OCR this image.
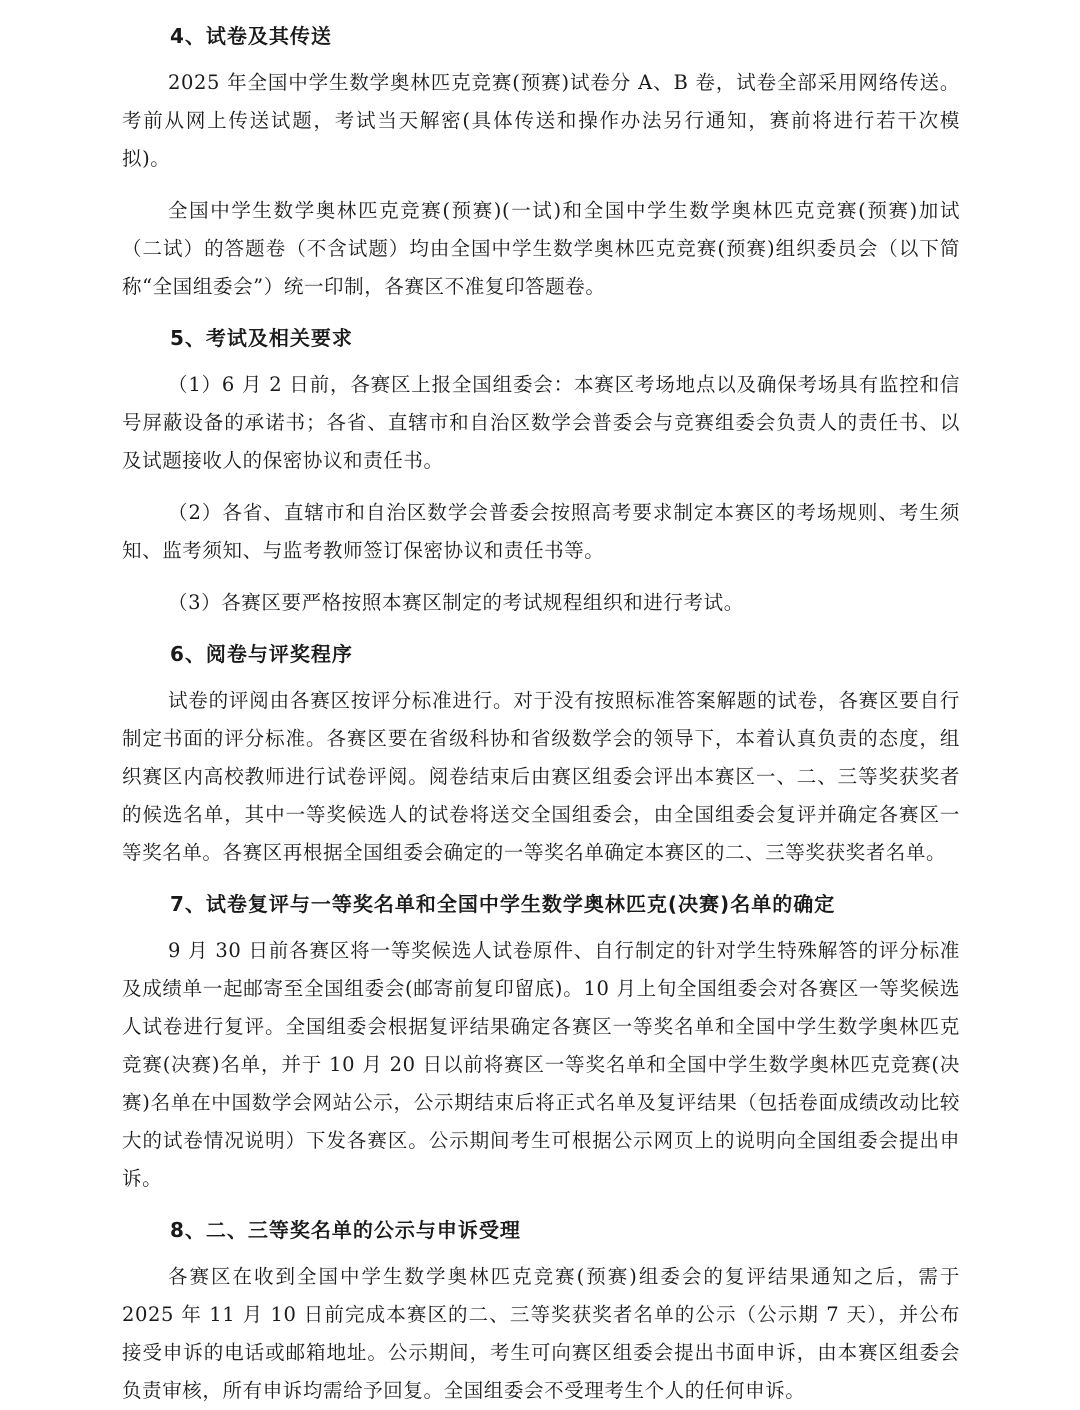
4、试卷及其传送

2025 年全国中学生数学奥林匹克竞赛(预赛)试卷分 A、B 卷，试卷全部采用网络传送。考前从网上传送试题，考试当天解密(具体传送和操作办法另行通知，赛前将进行若干次模拟)。

全国中学生数学奥林匹克竞赛(预赛)(一试)和全国中学生数学奥林匹克竞赛(预赛)加试（二试）的答题卷（不含试题）均由全国中学生数学奥林匹克竞赛(预赛)组织委员会（以下简称“全国组委会”）统一印制，各赛区不准复印答题卷。

5、考试及相关要求

（1）6 月 2 日前，各赛区上报全国组委会：本赛区考场地点以及确保考场具有监控和信号屏蔽设备的承诺书；各省、直辖市和自治区数学会普委会与竞赛组委会负责人的责任书、以及试题接收人的保密协议和责任书。

（2）各省、直辖市和自治区数学会普委会按照高考要求制定本赛区的考场规则、考生须知、监考须知、与监考教师签订保密协议和责任书等。

（3）各赛区要严格按照本赛区制定的考试规程组织和进行考试。

6、阅卷与评奖程序

试卷的评阅由各赛区按评分标准进行。对于没有按照标准答案解题的试卷，各赛区要自行制定书面的评分标准。各赛区要在省级科协和省级数学会的领导下，本着认真负责的态度，组织赛区内高校教师进行试卷评阅。阅卷结束后由赛区组委会评出本赛区一、二、三等奖获奖者的候选名单，其中一等奖候选人的试卷将送交全国组委会，由全国组委会复评并确定各赛区一等奖名单。各赛区再根据全国组委会确定的一等奖名单确定本赛区的二、三等奖获奖者名单。

7、试卷复评与一等奖名单和全国中学生数学奥林匹克(决赛)名单的确定

9 月 30 日前各赛区将一等奖候选人试卷原件、自行制定的针对学生特殊解答的评分标准及成绩单一起邮寄至全国组委会(邮寄前复印留底)。10 月上旬全国组委会对各赛区一等奖候选人试卷进行复评。全国组委会根据复评结果确定各赛区一等奖名单和全国中学生数学奥林匹克竞赛(决赛)名单，并于 10 月 20 日以前将赛区一等奖名单和全国中学生数学奥林匹克竞赛(决赛)名单在中国数学会网站公示，公示期结束后将正式名单及复评结果（包括卷面成绩改动比较大的试卷情况说明）下发各赛区。公示期间考生可根据公示网页上的说明向全国组委会提出申诉。

8、二、三等奖名单的公示与申诉受理

各赛区在收到全国中学生数学奥林匹克竞赛(预赛)组委会的复评结果通知之后，需于 2025 年 11 月 10 日前完成本赛区的二、三等奖获奖者名单的公示（公示期 7 天），并公布接受申诉的电话或邮箱地址。公示期间，考生可向赛区组委会提出书面申诉，由本赛区组委会负责审核，所有申诉均需给予回复。全国组委会不受理考生个人的任何申诉。
